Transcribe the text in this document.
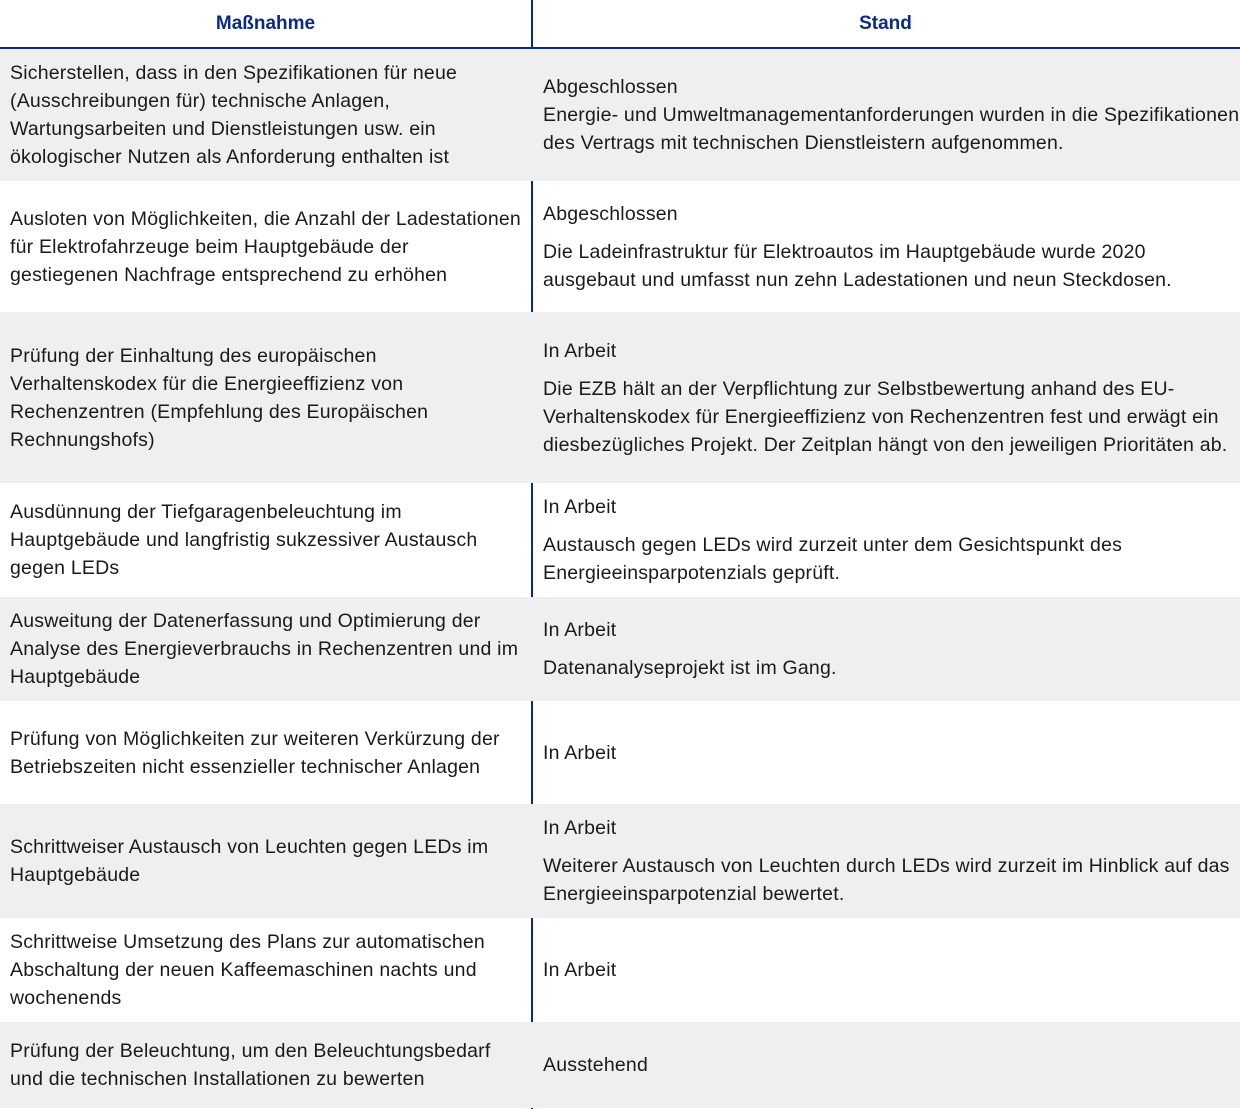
Maßnahme	Stand
Sicherstellen, dass in den Spezifikationen für neue (Ausschreibungen für) technische Anlagen, Wartungsarbeiten und Dienstleistungen usw. ein ökologischer Nutzen als Anforderung enthalten ist
Abgeschlossen
Energie- und Umweltmanagementanforderungen wurden in die Spezifikationen des Vertrags mit technischen Dienstleistern aufgenommen.
Ausloten von Möglichkeiten, die Anzahl der Ladestationen für Elektrofahrzeuge beim Hauptgebäude der gestiegenen Nachfrage entsprechend zu erhöhen
Abgeschlossen
Die Ladeinfrastruktur für Elektroautos im Hauptgebäude wurde 2020 ausgebaut und umfasst nun zehn Ladestationen und neun Steckdosen.
Prüfung der Einhaltung des europäischen Verhaltenskodex für die Energieeffizienz von Rechenzentren (Empfehlung des Europäischen Rechnungshofs)
In Arbeit
Die EZB hält an der Verpflichtung zur Selbstbewertung anhand des EU-Verhaltenskodex für Energieeffizienz von Rechenzentren fest und erwägt ein diesbezügliches Projekt. Der Zeitplan hängt von den jeweiligen Prioritäten ab.
Ausdünnung der Tiefgaragenbeleuchtung im Hauptgebäude und langfristig sukzessiver Austausch gegen LEDs
In Arbeit
Austausch gegen LEDs wird zurzeit unter dem Gesichtspunkt des Energieeinsparpotenzials geprüft.
Ausweitung der Datenerfassung und Optimierung der Analyse des Energieverbrauchs in Rechenzentren und im Hauptgebäude
In Arbeit
Datenanalyseprojekt ist im Gang.
Prüfung von Möglichkeiten zur weiteren Verkürzung der Betriebszeiten nicht essenzieller technischer Anlagen
In Arbeit
Schrittweiser Austausch von Leuchten gegen LEDs im Hauptgebäude
In Arbeit
Weiterer Austausch von Leuchten durch LEDs wird zurzeit im Hinblick auf das Energieeinsparpotenzial bewertet.
Schrittweise Umsetzung des Plans zur automatischen Abschaltung der neuen Kaffeemaschinen nachts und wochenends
In Arbeit
Prüfung der Beleuchtung, um den Beleuchtungsbedarf und die technischen Installationen zu bewerten
Ausstehend
